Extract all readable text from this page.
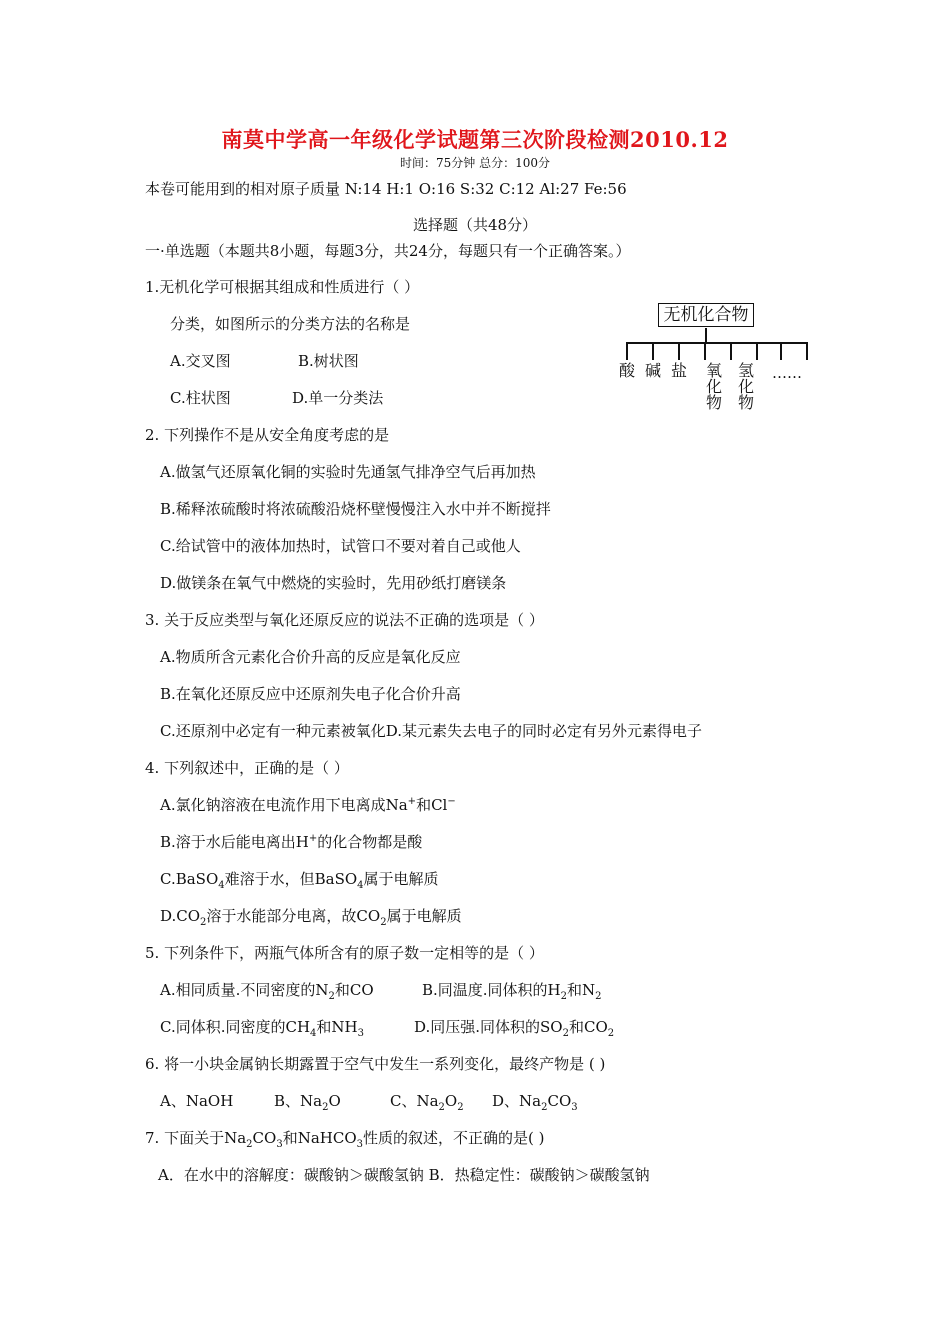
南莫中学高一年级化学试题第三次阶段检测2010.12
时间：75分钟 总分：100分
本卷可能用到的相对原子质量 N:14 H:1 O:16 S:32 C:12 Al:27 Fe:56
选择题（共48分）
一·单选题（本题共8小题，每题3分，共24分，每题只有一个正确答案。）
1.无机化学可根据其组成和性质进行（ ）
分类，如图所示的分类方法的名称是
A.交叉图	B.树状图
C.柱状图	D.单一分类法
无机化合物
酸 碱 盐 氧化物
氢化物
……
2. 下列操作不是从安全角度考虑的是
A.做氢气还原氧化铜的实验时先通氢气排净空气后再加热
B.稀释浓硫酸时将浓硫酸沿烧杯壁慢慢注入水中并不断搅拌
C.给试管中的液体加热时，试管口不要对着自己或他人
D.做镁条在氧气中燃烧的实验时，先用砂纸打磨镁条
3. 关于反应类型与氧化还原反应的说法不正确的选项是（ ）
A.物质所含元素化合价升高的反应是氧化反应
B.在氧化还原反应中还原剂失电子化合价升高
C.还原剂中必定有一种元素被氧化D.某元素失去电子的同时必定有另外元素得电子
4. 下列叙述中，正确的是（ ）
A.氯化钠溶液在电流作用下电离成Na+和Cl−
B.溶于水后能电离出H+的化合物都是酸
C.BaSO$_4$难溶于水，但BaSO$_4$属于电解质
$D.CO_2$溶于水能部分电离，故$CO_2$属于电解质
5. 下列条件下，两瓶气体所含有的原子数一定相等的是（ ）
A.相同质量.不同密度的$N_2$和CO	B.同温度.同体积的$H_2$和$N_2$
C.同体积.同密度的$CH_4$和$NH_3$	D.同压强.同体积的$SO_2$和$CO_2$
6. 将一小块金属钠长期露置于空气中发生一系列变化，最终产物是 ( )
A、NaOH	B、$Na_2O$	C、$Na_2O_2$ D、$Na_2CO_3$
7. 下面关于$Na_2CO_3$和NaHCO$_3$性质的叙述，不正确的是( )
A．在水中的溶解度：碳酸钠＞碳酸氢钠 B．热稳定性：碳酸钠＞碳酸氢钠
